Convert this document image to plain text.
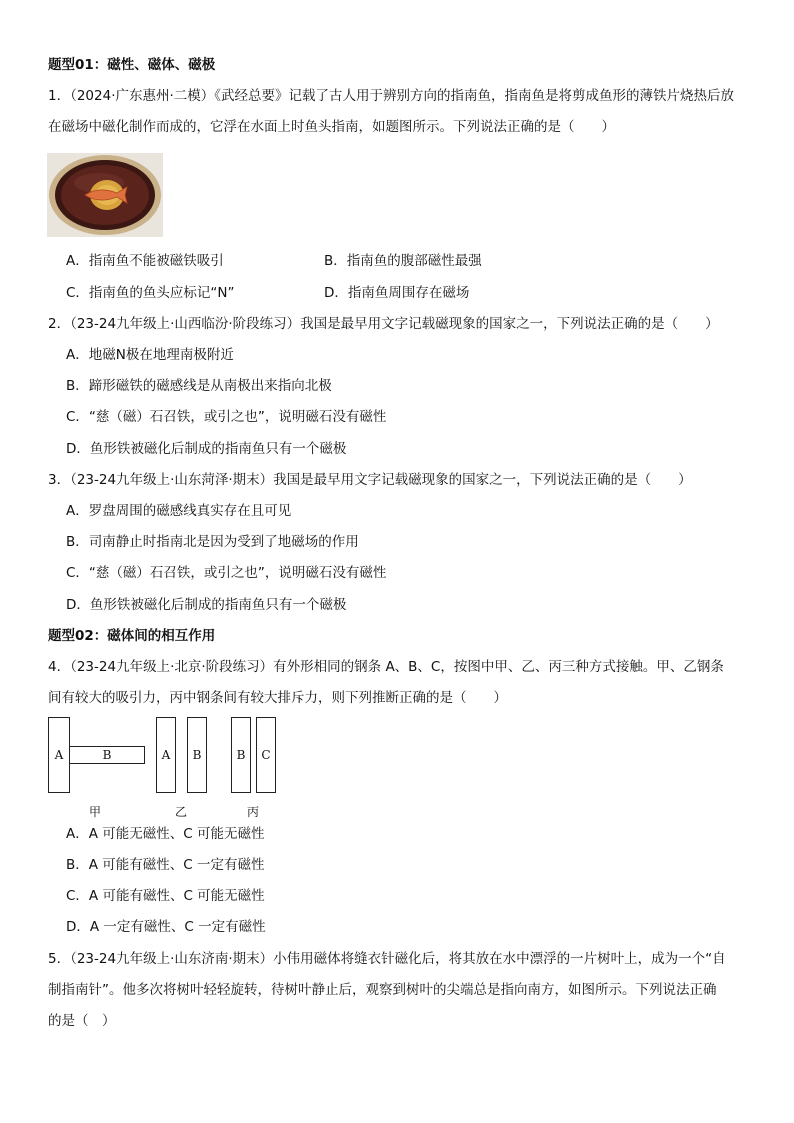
题型01：磁性、磁体、磁极
1．（2024·广东惠州·二模）《武经总要》记载了古人用于辨别方向的指南鱼，指南鱼是将剪成鱼形的薄铁片烧热后放
在磁场中磁化制作而成的，它浮在水面上时鱼头指南，如题图所示。下列说法正确的是（　　）
A．指南鱼不能被磁铁吸引	B．指南鱼的腹部磁性最强
C．指南鱼的鱼头应标记“N”	D．指南鱼周围存在磁场
2．（23-24九年级上·山西临汾·阶段练习）我国是最早用文字记载磁现象的国家之一，下列说法正确的是（　　）
A．地磁N极在地理南极附近
B．蹄形磁铁的磁感线是从南极出来指向北极
C．“慈（磁）石召铁，或引之也”，说明磁石没有磁性
D．鱼形铁被磁化后制成的指南鱼只有一个磁极
3．（23-24九年级上·山东菏泽·期末）我国是最早用文字记载磁现象的国家之一，下列说法正确的是（　　）
A．罗盘周围的磁感线真实存在且可见
B．司南静止时指南北是因为受到了地磁场的作用
C．“慈（磁）石召铁，或引之也”，说明磁石没有磁性
D．鱼形铁被磁化后制成的指南鱼只有一个磁极
题型02：磁体间的相互作用
4．（23-24九年级上·北京·阶段练习）有外形相同的钢条 A、B、C，按图中甲、乙、丙三种方式接触。甲、乙钢条
间有较大的吸引力，丙中钢条间有较大排斥力，则下列推断正确的是（　　）
A	B	A	B	B	C
甲	乙	丙
A．A 可能无磁性、C 可能无磁性
B．A 可能有磁性、C 一定有磁性
C．A 可能有磁性、C 可能无磁性
D．A 一定有磁性、C 一定有磁性
5．（23-24九年级上·山东济南·期末）小伟用磁体将缝衣针磁化后，将其放在水中漂浮的一片树叶上，成为一个“自
制指南针”。他多次将树叶轻轻旋转，待树叶静止后，观察到树叶的尖端总是指向南方，如图所示。下列说法正确
的是（　）
